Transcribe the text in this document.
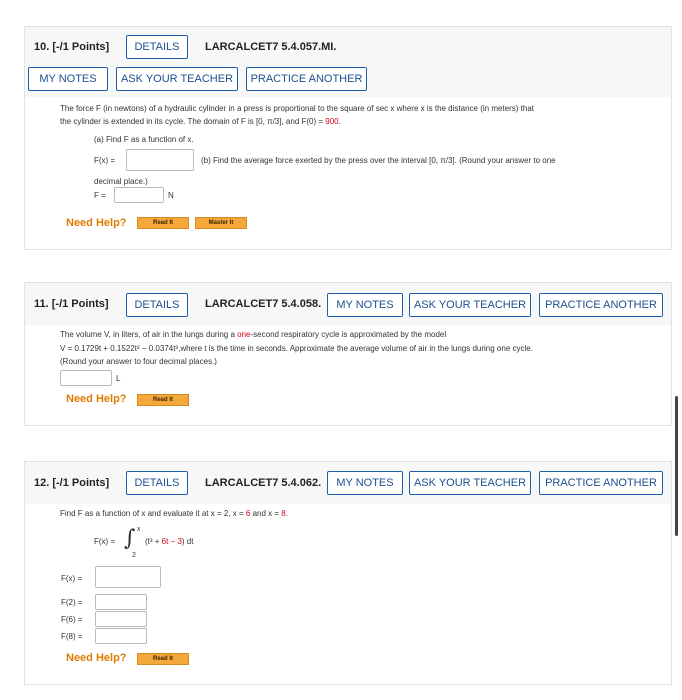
10. [-/1 Points]	DETAILS	LARCALCET7 5.4.057.MI.
MY NOTES	ASK YOUR TEACHER	PRACTICE ANOTHER
The force F (in newtons) of a hydraulic cylinder in a press is proportional to the square of sec x where x is the distance (in meters) that
the cylinder is extended in its cycle. The domain of F is [0, π/3], and F(0) = 900.
(a) Find F as a function of x.
F(x) =	(b) Find the average force exerted by the press over the interval [0, π/3]. (Round your answer to one
decimal place.)
F =	N
Need Help?	Read It	Master It
11. [-/1 Points]	DETAILS	LARCALCET7 5.4.058.	MY NOTES	ASK YOUR TEACHER	PRACTICE ANOTHER
The volume V, in liters, of air in the lungs during a one-second respiratory cycle is approximated by the model
V = 0.1729t + 0.1522t² − 0.0374t³,where t is the time in seconds. Approximate the average volume of air in the lungs during one cycle.
(Round your answer to four decimal places.)
L
Need Help?	Read It
12. [-/1 Points]	DETAILS	LARCALCET7 5.4.062.	MY NOTES	ASK YOUR TEACHER	PRACTICE ANOTHER
Find F as a function of x and evaluate it at x = 2, x = 6 and x = 8.
F(x) = ∫ x
2
(t³ + 6t − 3) dt
F(x) =
F(2) =
F(6) =
F(8) =
Need Help?	Read It
